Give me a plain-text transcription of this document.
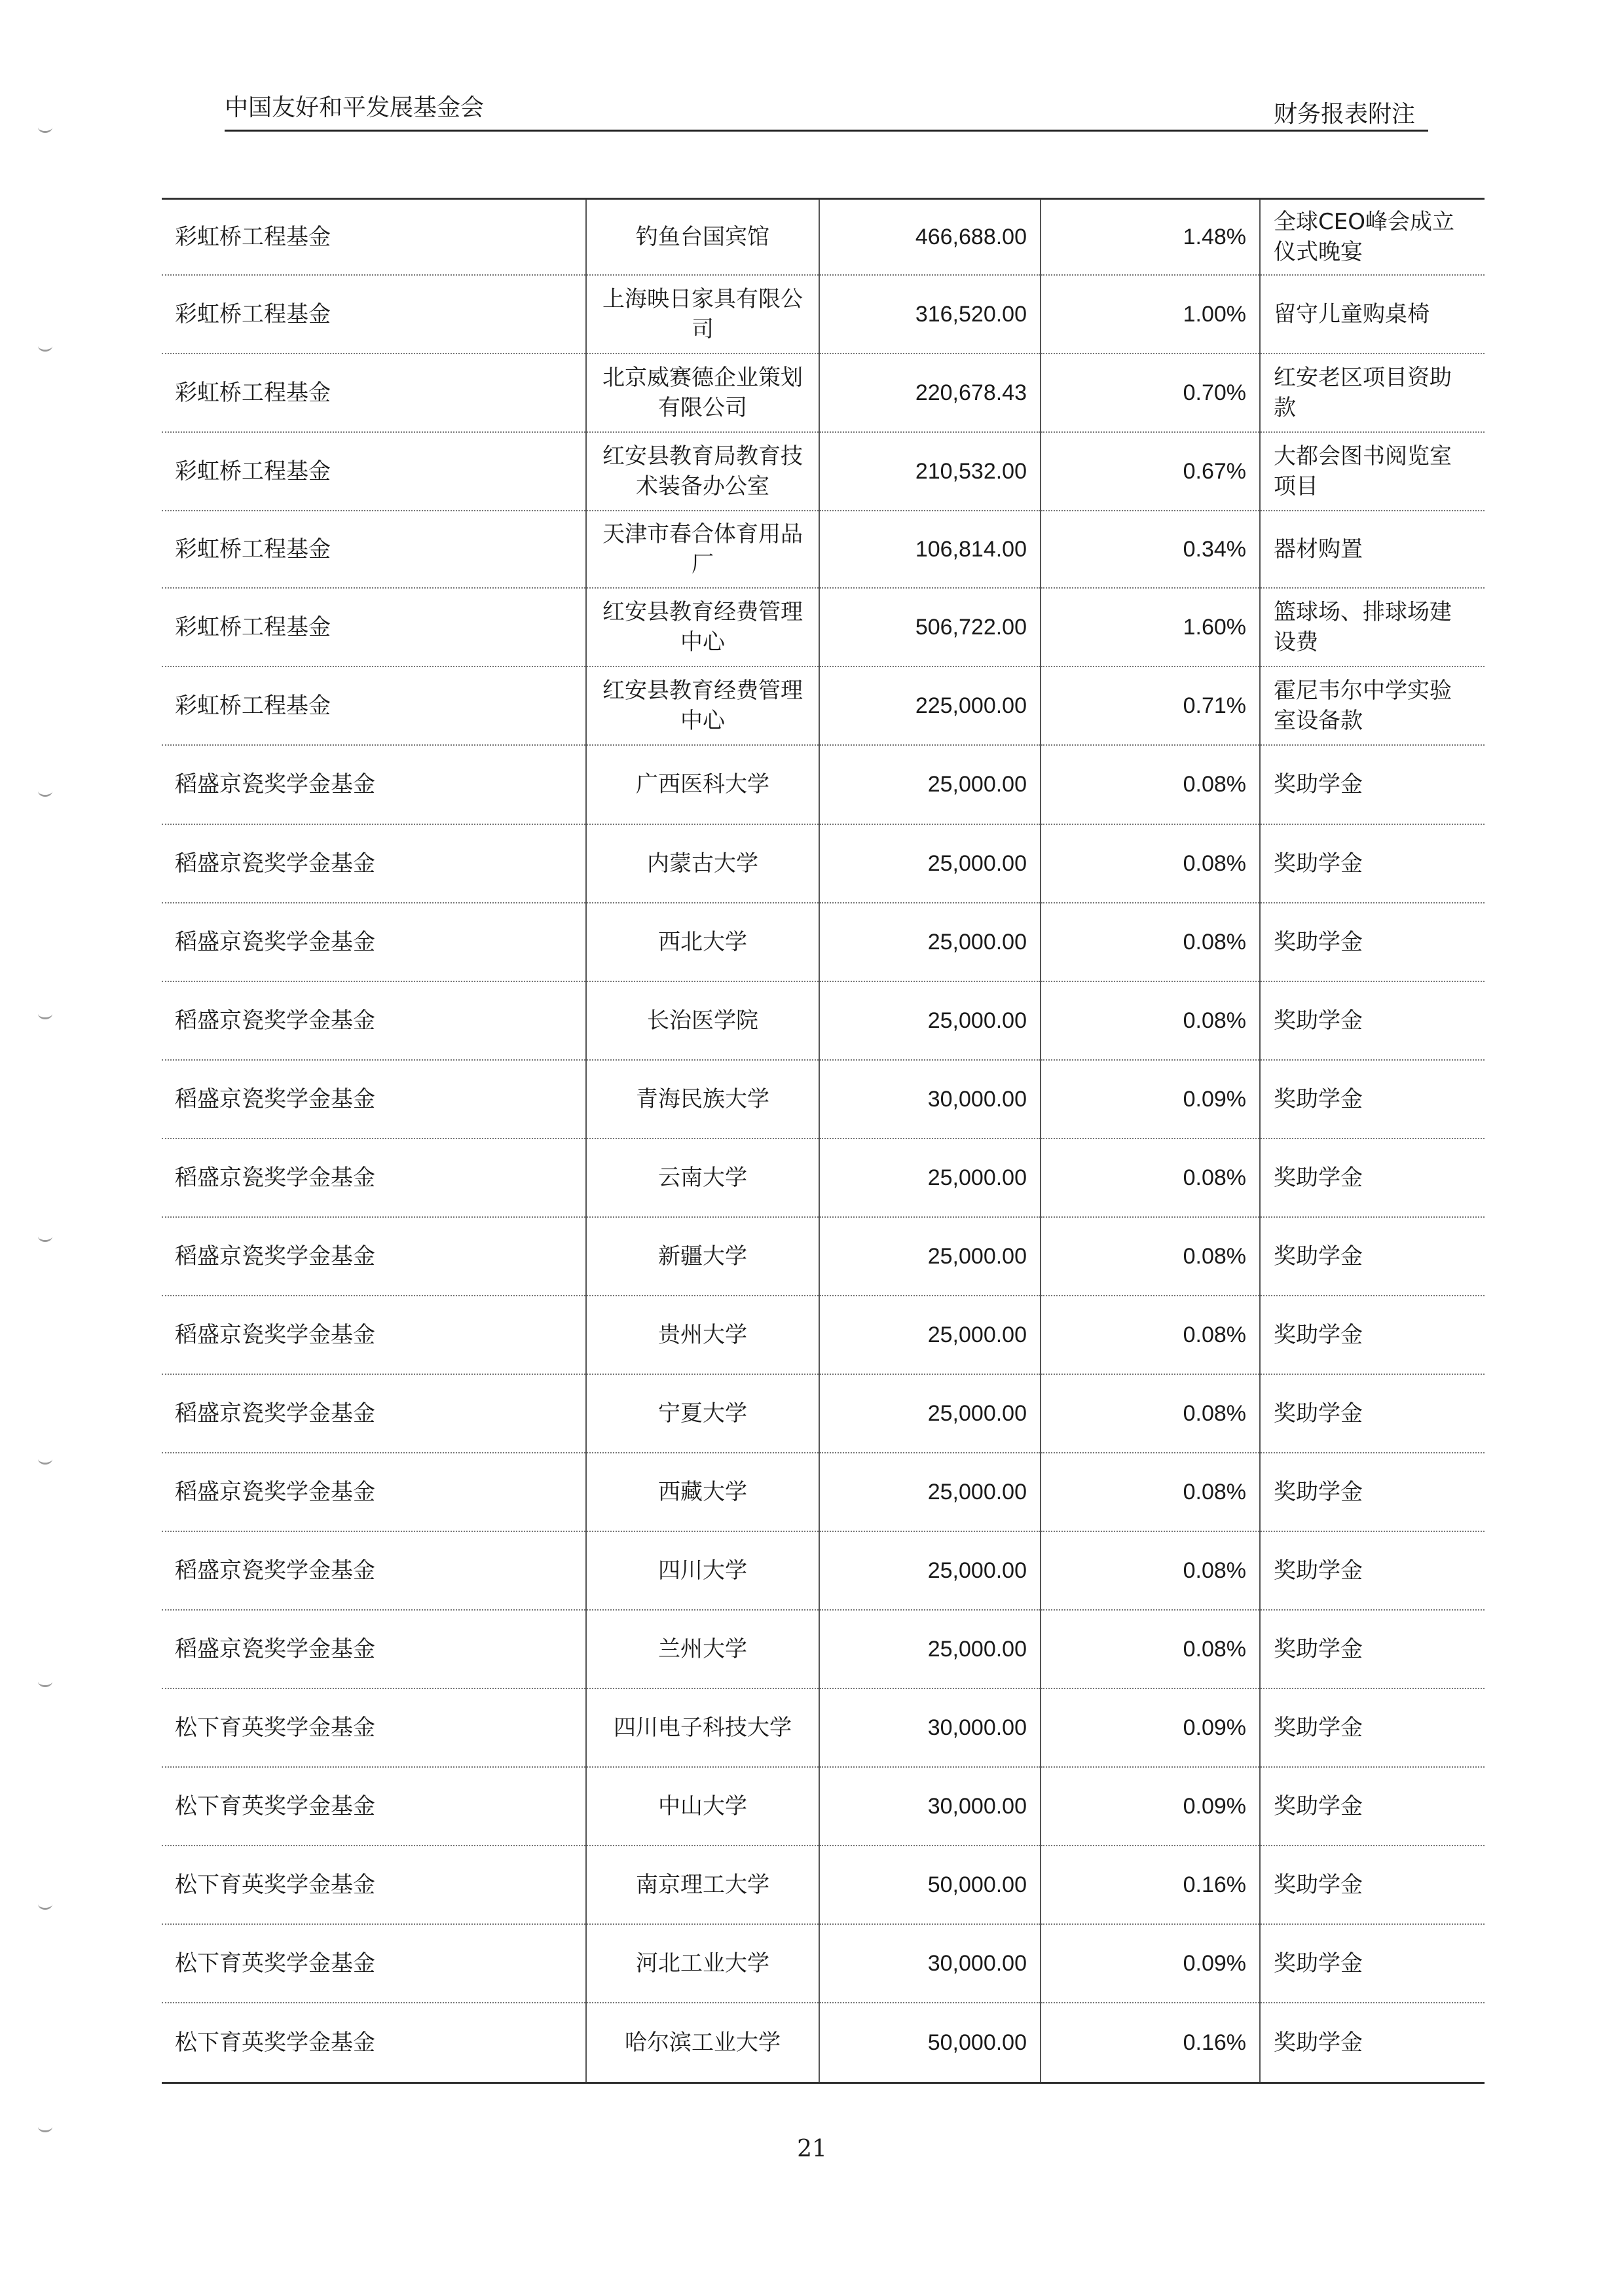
中国友好和平发展基金会	财务报表附注
彩虹桥工程基金	钓鱼台国宾馆	466,688.00	1.48%	全球CEO峰会成立仪式晚宴
彩虹桥工程基金	上海映日家具有限公司	316,520.00	1.00%	留守儿童购桌椅
彩虹桥工程基金	北京威赛德企业策划有限公司	220,678.43	0.70%	红安老区项目资助款
彩虹桥工程基金	红安县教育局教育技术装备办公室	210,532.00	0.67%	大都会图书阅览室项目
彩虹桥工程基金	天津市春合体育用品厂	106,814.00	0.34%	器材购置
彩虹桥工程基金	红安县教育经费管理中心	506,722.00	1.60%	篮球场、排球场建设费
彩虹桥工程基金	红安县教育经费管理中心	225,000.00	0.71%	霍尼韦尔中学实验室设备款
稻盛京瓷奖学金基金	广西医科大学	25,000.00	0.08%	奖助学金
稻盛京瓷奖学金基金	内蒙古大学	25,000.00	0.08%	奖助学金
稻盛京瓷奖学金基金	西北大学	25,000.00	0.08%	奖助学金
稻盛京瓷奖学金基金	长治医学院	25,000.00	0.08%	奖助学金
稻盛京瓷奖学金基金	青海民族大学	30,000.00	0.09%	奖助学金
稻盛京瓷奖学金基金	云南大学	25,000.00	0.08%	奖助学金
稻盛京瓷奖学金基金	新疆大学	25,000.00	0.08%	奖助学金
稻盛京瓷奖学金基金	贵州大学	25,000.00	0.08%	奖助学金
稻盛京瓷奖学金基金	宁夏大学	25,000.00	0.08%	奖助学金
稻盛京瓷奖学金基金	西藏大学	25,000.00	0.08%	奖助学金
稻盛京瓷奖学金基金	四川大学	25,000.00	0.08%	奖助学金
稻盛京瓷奖学金基金	兰州大学	25,000.00	0.08%	奖助学金
松下育英奖学金基金	四川电子科技大学	30,000.00	0.09%	奖助学金
松下育英奖学金基金	中山大学	30,000.00	0.09%	奖助学金
松下育英奖学金基金	南京理工大学	50,000.00	0.16%	奖助学金
松下育英奖学金基金	河北工业大学	30,000.00	0.09%	奖助学金
松下育英奖学金基金	哈尔滨工业大学	50,000.00	0.16%	奖助学金
21
